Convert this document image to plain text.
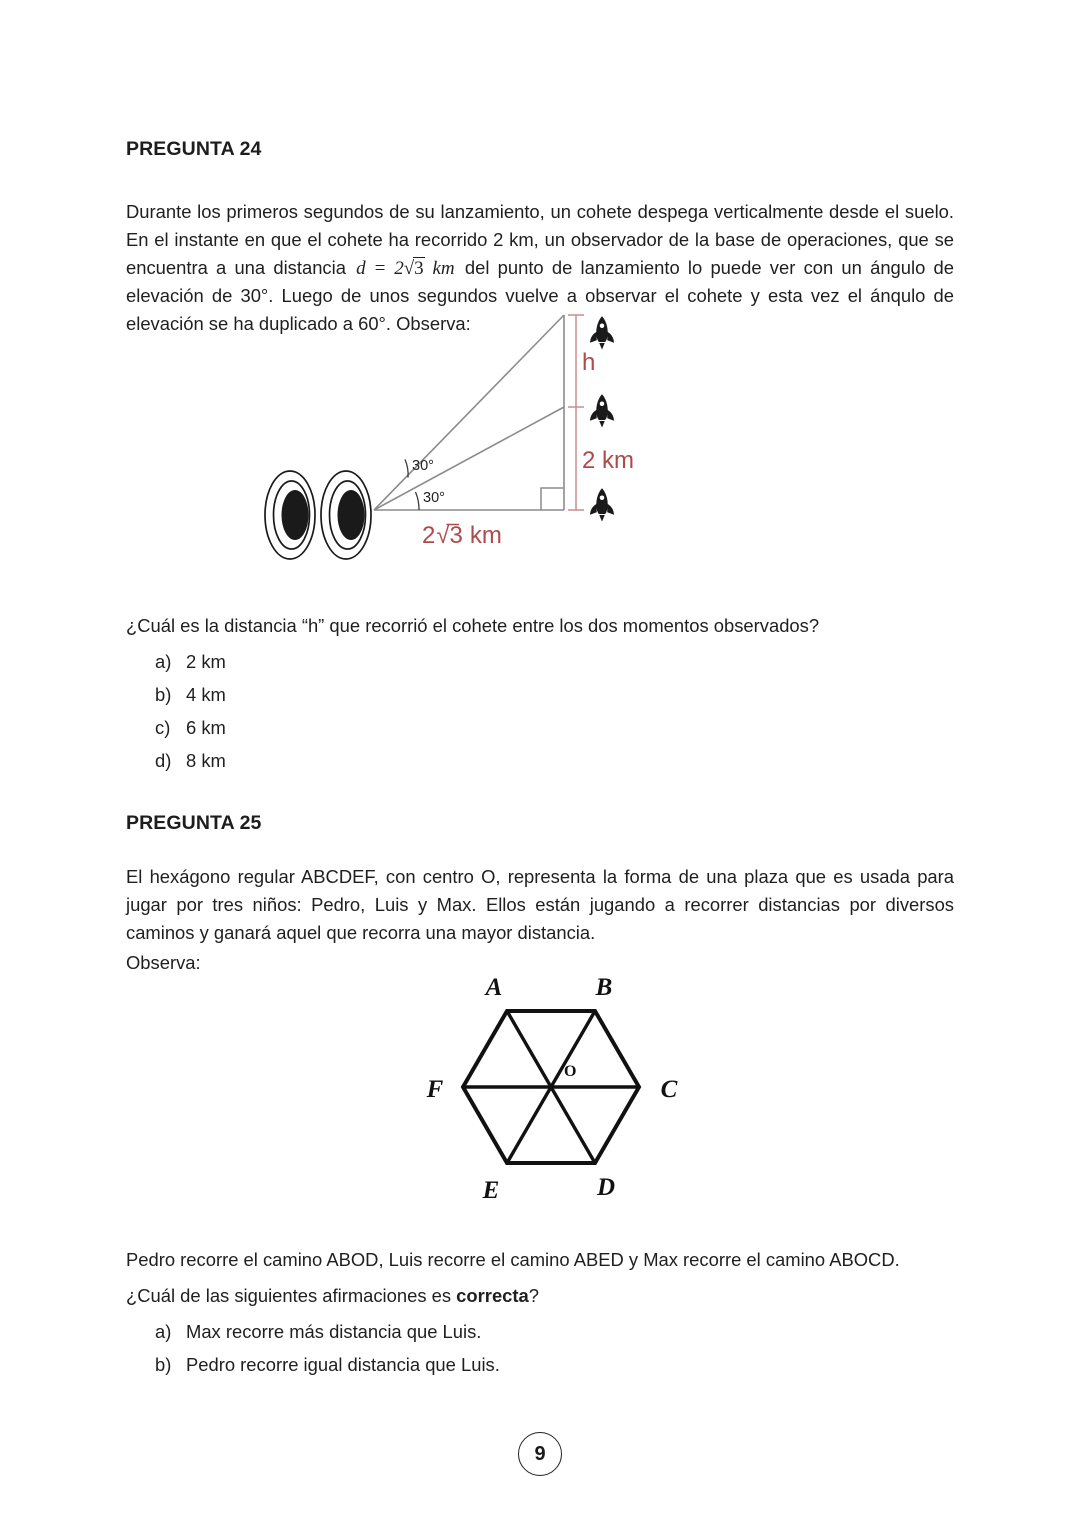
PREGUNTA 24

Durante los primeros segundos de su lanzamiento, un cohete despega verticalmente desde el suelo. En el instante en que el cohete ha recorrido 2 km, un observador de la base de operaciones, que se encuentra a una distancia d = 2√3 km del punto de lanzamiento lo puede ver con un ángulo de elevación de 30°. Luego de unos segundos vuelve a observar el cohete y esta vez el ánqulo de elevación se ha duplicado a 60°. Observa:

30°
30°
h
2 km
2√3 km
¿Cuál es la distancia “h” que recorrió el cohete entre los dos momentos observados?
a) 2 km
b) 4 km
c) 6 km
d) 8 km
PREGUNTA 25

El hexágono regular ABCDEF, con centro O, representa la forma de una plaza que es usada para jugar por tres niños: Pedro, Luis y Max. Ellos están jugando a recorrer distancias por diversos caminos y ganará aquel que recorra una mayor distancia.

Observa:
O
A	B
C
D
E
F
Pedro recorre el camino ABOD, Luis recorre el camino ABED y Max recorre el camino ABOCD.
¿Cuál de las siguientes afirmaciones es correcta?
a) Max recorre más distancia que Luis.
b) Pedro recorre igual distancia que Luis.
9
